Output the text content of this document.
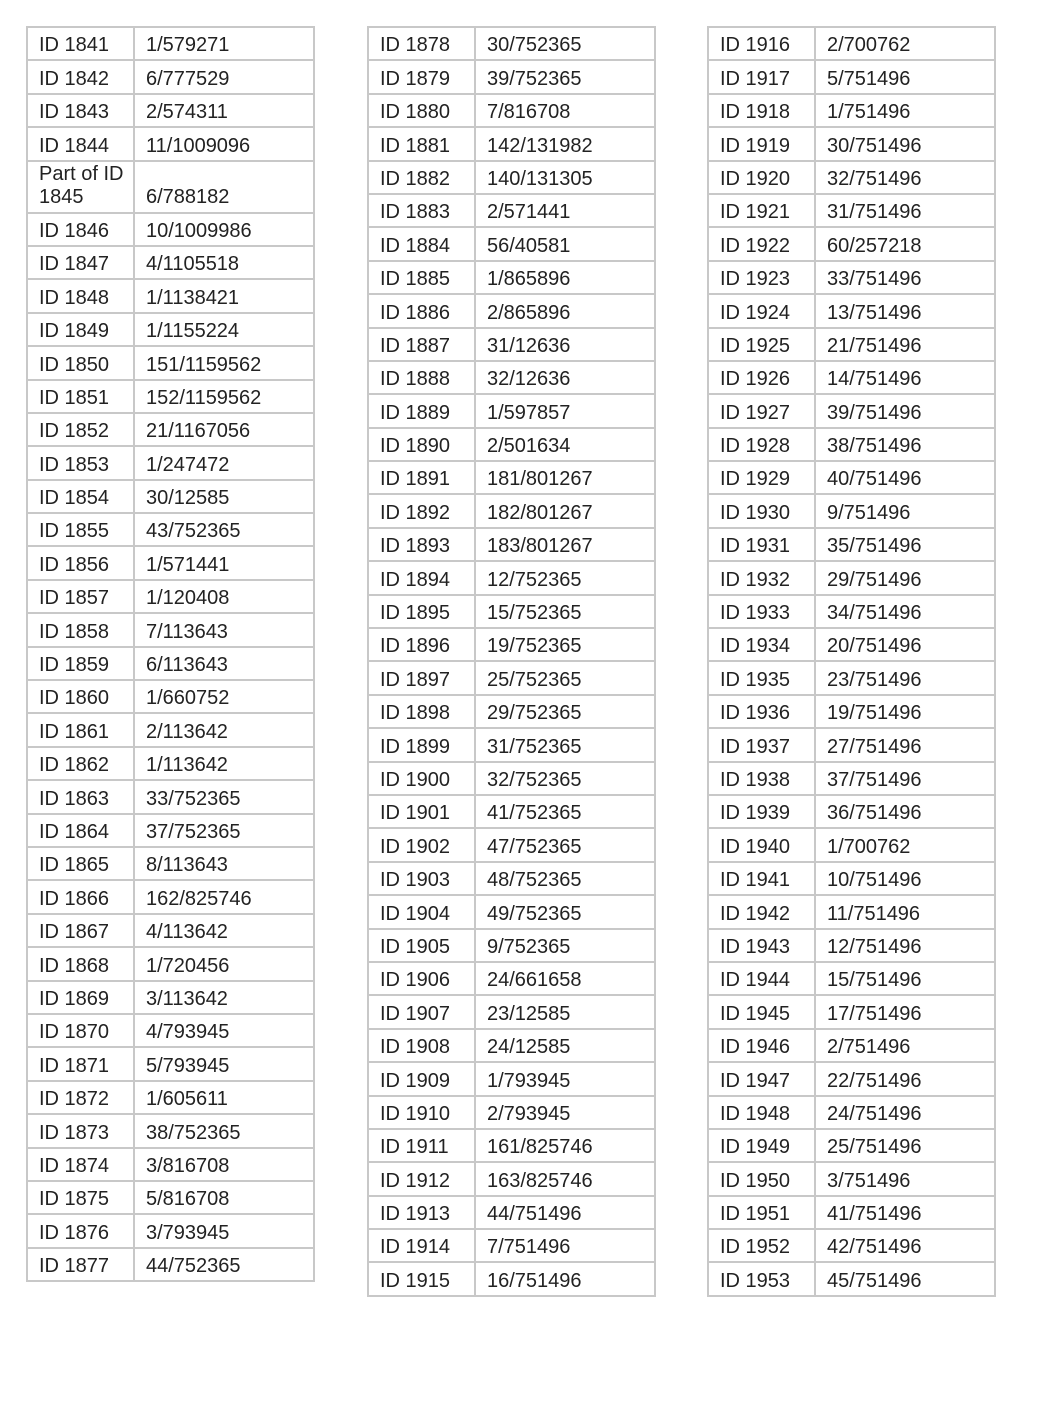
ID 1841	1/579271

ID 1842	6/777529

ID 1843	2/574311

ID 1844	11/1009096

Part of ID 1845	6/788182

ID 1846	10/1009986

ID 1847	4/1105518

ID 1848	1/1138421

ID 1849	1/1155224

ID 1850	151/1159562

ID 1851	152/1159562

ID 1852	21/1167056

ID 1853	1/247472

ID 1854	30/12585

ID 1855	43/752365

ID 1856	1/571441

ID 1857	1/120408

ID 1858	7/113643

ID 1859	6/113643

ID 1860	1/660752

ID 1861	2/113642

ID 1862	1/113642

ID 1863	33/752365

ID 1864	37/752365

ID 1865	8/113643

ID 1866	162/825746

ID 1867	4/113642

ID 1868	1/720456

ID 1869	3/113642

ID 1870	4/793945

ID 1871	5/793945

ID 1872	1/605611

ID 1873	38/752365

ID 1874	3/816708

ID 1875	5/816708

ID 1876	3/793945

ID 1877	44/752365
ID 1878	30/752365

ID 1879	39/752365

ID 1880	7/816708

ID 1881	142/131982

ID 1882	140/131305

ID 1883	2/571441

ID 1884	56/40581

ID 1885	1/865896

ID 1886	2/865896

ID 1887	31/12636

ID 1888	32/12636

ID 1889	1/597857

ID 1890	2/501634

ID 1891	181/801267

ID 1892	182/801267

ID 1893	183/801267

ID 1894	12/752365

ID 1895	15/752365

ID 1896	19/752365

ID 1897	25/752365

ID 1898	29/752365

ID 1899	31/752365

ID 1900	32/752365

ID 1901	41/752365

ID 1902	47/752365

ID 1903	48/752365

ID 1904	49/752365

ID 1905	9/752365

ID 1906	24/661658

ID 1907	23/12585

ID 1908	24/12585

ID 1909	1/793945

ID 1910	2/793945

ID 1911	161/825746

ID 1912	163/825746

ID 1913	44/751496

ID 1914	7/751496

ID 1915	16/751496
ID 1916	2/700762

ID 1917	5/751496

ID 1918	1/751496

ID 1919	30/751496

ID 1920	32/751496

ID 1921	31/751496

ID 1922	60/257218

ID 1923	33/751496

ID 1924	13/751496

ID 1925	21/751496

ID 1926	14/751496

ID 1927	39/751496

ID 1928	38/751496

ID 1929	40/751496

ID 1930	9/751496

ID 1931	35/751496

ID 1932	29/751496

ID 1933	34/751496

ID 1934	20/751496

ID 1935	23/751496

ID 1936	19/751496

ID 1937	27/751496

ID 1938	37/751496

ID 1939	36/751496

ID 1940	1/700762

ID 1941	10/751496

ID 1942	11/751496

ID 1943	12/751496

ID 1944	15/751496

ID 1945	17/751496

ID 1946	2/751496

ID 1947	22/751496

ID 1948	24/751496

ID 1949	25/751496

ID 1950	3/751496

ID 1951	41/751496

ID 1952	42/751496

ID 1953	45/751496
